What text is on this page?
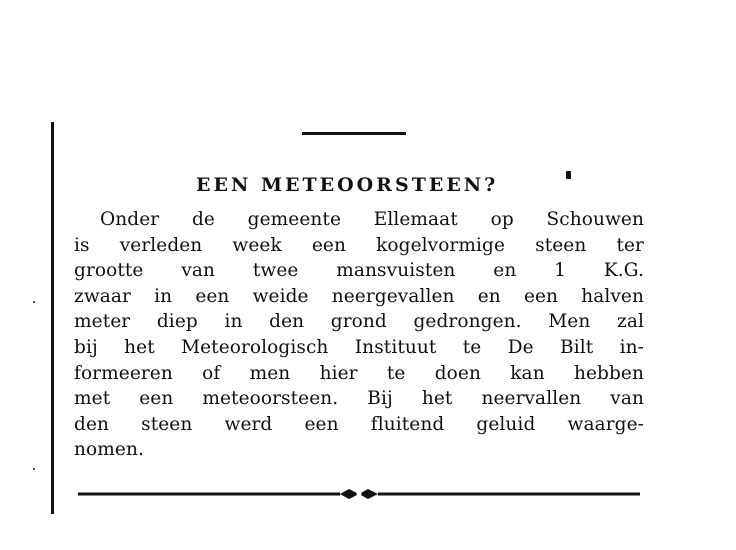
EEN METEOORSTEEN?
Onder de gemeente Ellemaat op Schouwen
is verleden week een kogelvormige steen ter
grootte van twee mansvuisten en 1 K.G.
zwaar in een weide neergevallen en een halven
meter diep in den grond gedrongen. Men zal
bij het Meteorologisch Instituut te De Bilt in-
formeeren of men hier te doen kan hebben
met een meteoorsteen. Bij het neervallen van
den steen werd een fluitend geluid waarge-
nomen.
